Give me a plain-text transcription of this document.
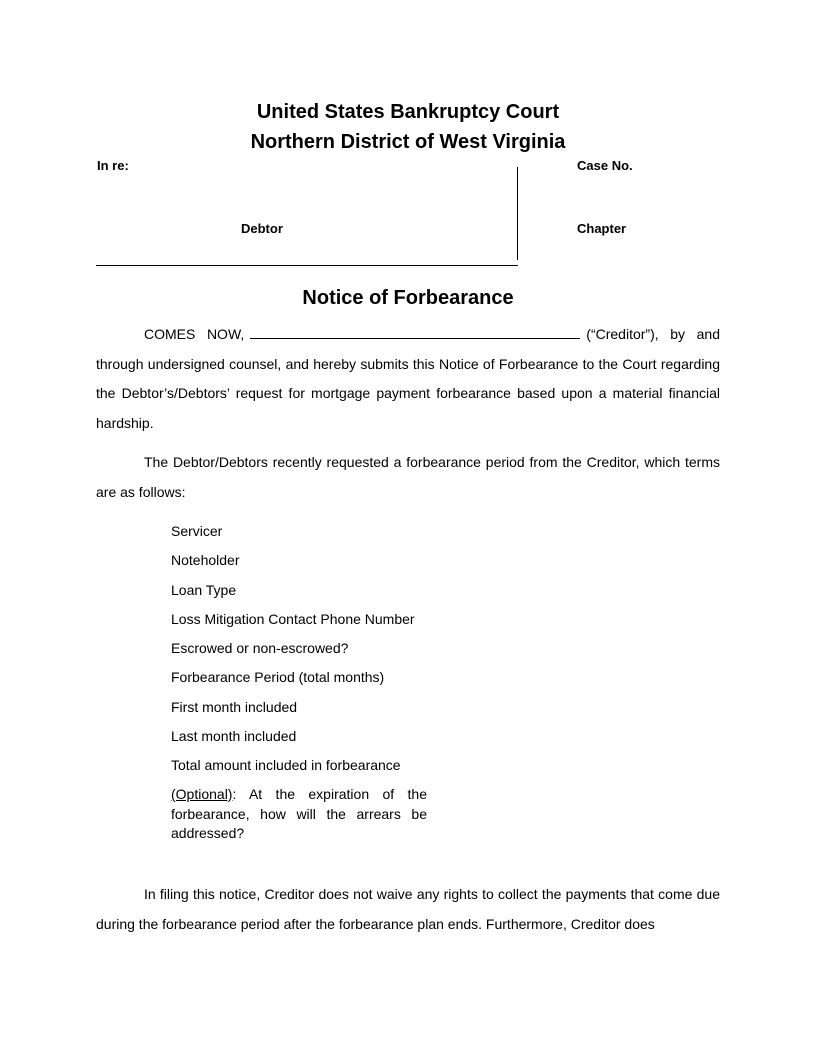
United States Bankruptcy Court
Northern District of West Virginia
In re:	Case No.
Debtor	Chapter
Notice of Forbearance
COMES NOW,	(“Creditor”), by and through undersigned counsel, and hereby submits this Notice of Forbearance to the Court regarding the Debtor’s/Debtors’ request for mortgage payment forbearance based upon a material financial hardship.
The Debtor/Debtors recently requested a forbearance period from the Creditor, which terms are as follows:
Servicer
Noteholder
Loan Type
Loss Mitigation Contact Phone Number
Escrowed or non-escrowed?
Forbearance Period (total months)
First month included
Last month included
Total amount included in forbearance
(Optional): At the expiration of the forbearance, how will the arrears be addressed?
In filing this notice, Creditor does not waive any rights to collect the payments that come due during the forbearance period after the forbearance plan ends. Furthermore, Creditor does
